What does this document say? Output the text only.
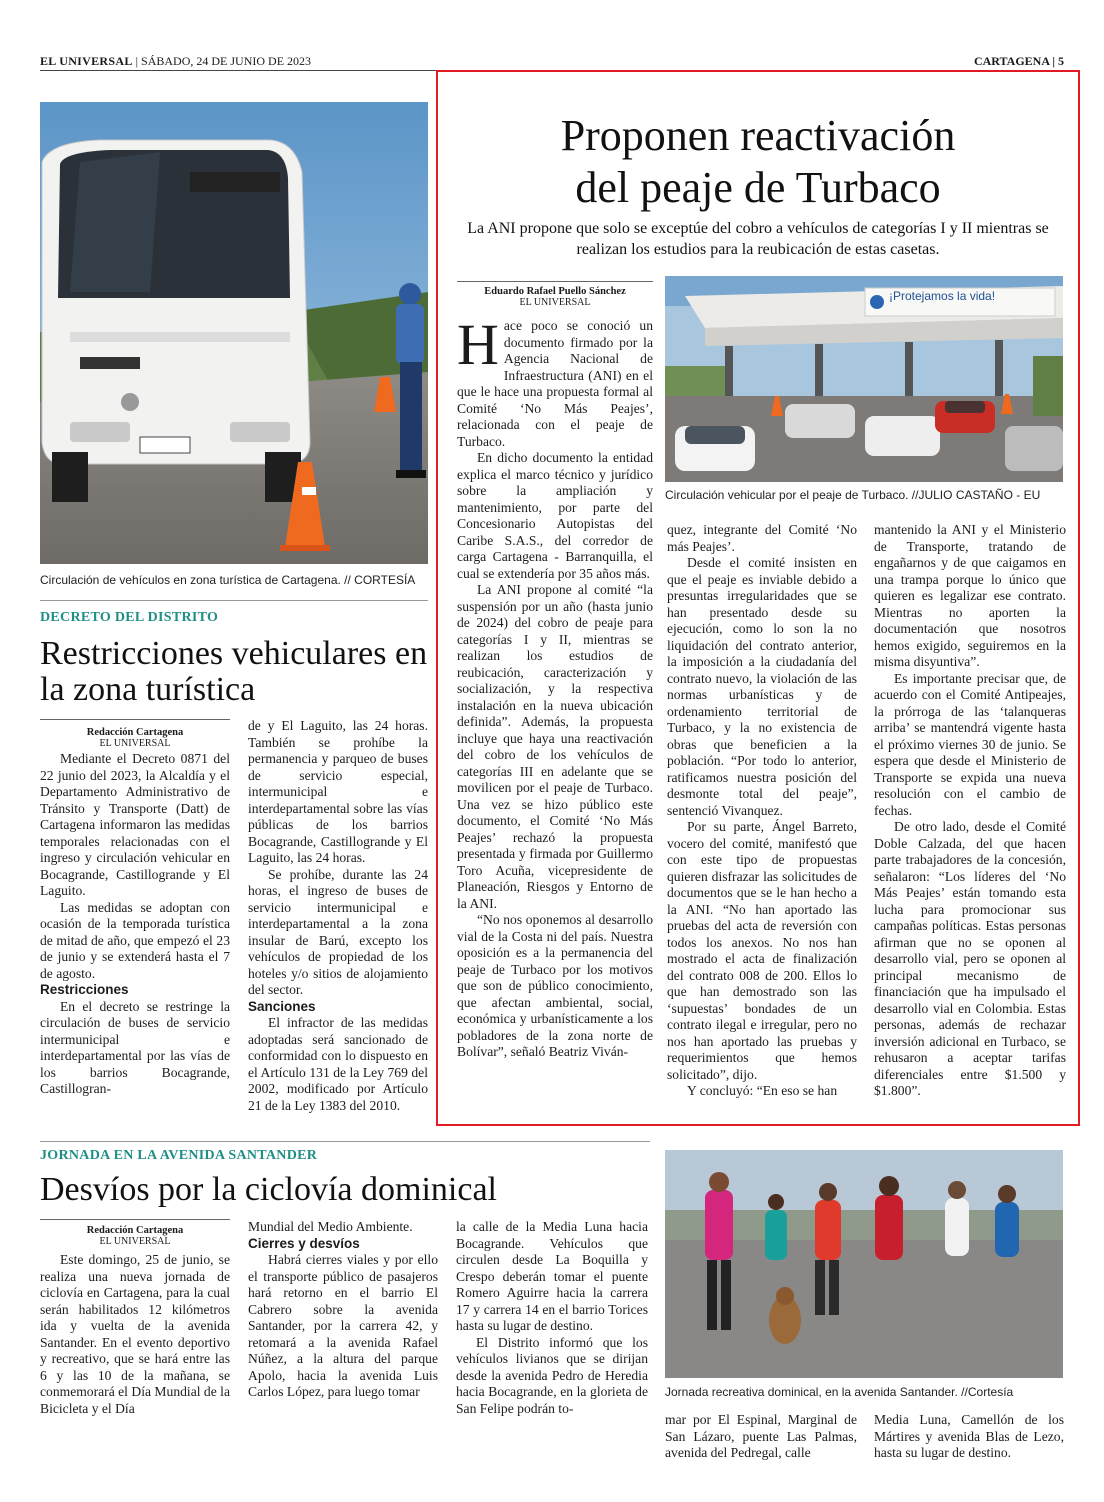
EL UNIVERSAL | SÁBADO, 24 DE JUNIO DE 2023	CARTAGENA | 5
Circulación de vehículos en zona turística de Cartagena. // CORTESÍA
DECRETO DEL DISTRITO
Restricciones vehiculares en la zona turística
Redacción Cartagena
EL UNIVERSAL

Mediante el Decreto 0871 del 22 junio del 2023, la Alcaldía y el Departamento Administrativo de Tránsito y Transporte (Datt) de Cartagena informaron las medidas temporales relacionadas con el ingreso y circulación vehicular en Bocagrande, Castillogrande y El Laguito.

Las medidas se adoptan con ocasión de la temporada turística de mitad de año, que empezó el 23 de junio y se extenderá hasta el 7 de agosto.

Restricciones

En el decreto se restringe la circulación de buses de servicio intermunicipal e interdepartamental por las vías de los barrios Bocagrande, Castillogran-

de y El Laguito, las 24 horas. También se prohíbe la permanencia y parqueo de buses de servicio especial, intermunicipal e interdepartamental sobre las vías públicas de los barrios Bocagrande, Castillogrande y El Laguito, las 24 horas.

Se prohíbe, durante las 24 horas, el ingreso de buses de servicio intermunicipal e interdepartamental a la zona insular de Barú, excepto los vehículos de propiedad de los hoteles y/o sitios de alojamiento del sector.

Sanciones

El infractor de las medidas adoptadas será sancionado de conformidad con lo dispuesto en el Artículo 131 de la Ley 769 del 2002, modificado por Artículo 21 de la Ley 1383 del 2010.

Proponen reactivación
del peaje de Turbaco
La ANI propone que solo se exceptúe del cobro a vehículos de categorías I y II mientras se realizan los estudios para la reubicación de estas casetas.
Eduardo Rafael Puello Sánchez
EL UNIVERSAL	¡Protejamos la vida!
Circulación vehicular por el peaje de Turbaco. //JULIO CASTAÑO - EU

Hace poco se conoció un documento firmado por la Agencia Nacional de Infraestructura (ANI) en el que le hace una propuesta formal al Comité ‘No Más Peajes’, relacionada con el peaje de Turbaco.

En dicho documento la entidad explica el marco técnico y jurídico sobre la ampliación y mantenimiento, por parte del Concesionario Autopistas del Caribe S.A.S., del corredor de carga Cartagena - Barranquilla, el cual se extendería por 35 años más.

La ANI propone al comité “la suspensión por un año (hasta junio de 2024) del cobro de peaje para categorías I y II, mientras se realizan los estudios de reubicación, caracterización y socialización, y la respectiva instalación en la nueva ubicación definida”. Además, la propuesta incluye que haya una reactivación del cobro de los vehículos de categorías III en adelante que se movilicen por el peaje de Turbaco. Una vez se hizo público este documento, el Comité ‘No Más Peajes’ rechazó la propuesta presentada y firmada por Guillermo Toro Acuña, vicepresidente de Planeación, Riesgos y Entorno de la ANI.

“No nos oponemos al desarrollo vial de la Costa ni del país. Nuestra oposición es a la permanencia del peaje de Turbaco por los motivos que son de público conocimiento, que afectan ambiental, social, económica y urbanísticamente a los pobladores de la zona norte de Bolívar”, señaló Beatriz Viván-

quez, integrante del Comité ‘No más Peajes’.

Desde el comité insisten en que el peaje es inviable debido a presuntas irregularidades que se han presentado desde su ejecución, como lo son la no liquidación del contrato anterior, la imposición a la ciudadanía del contrato nuevo, la violación de las normas urbanísticas y de ordenamiento territorial de Turbaco, y la no existencia de obras que beneficien a la población. “Por todo lo anterior, ratificamos nuestra posición del desmonte total del peaje”, sentenció Vivanquez.

Por su parte, Ángel Barreto, vocero del comité, manifestó que con este tipo de propuestas quieren disfrazar las solicitudes de documentos que se le han hecho a la ANI. “No han aportado las pruebas del acta de reversión con todos los anexos. No nos han mostrado el acta de finalización del contrato 008 de 200. Ellos lo que han demostrado son las ‘supuestas’ bondades de un contrato ilegal e irregular, pero no nos han aportado las pruebas y requerimientos que hemos solicitado”, dijo.

Y concluyó: “En eso se han

mantenido la ANI y el Ministerio de Transporte, tratando de engañarnos y de que caigamos en una trampa porque lo único que quieren es legalizar ese contrato. Mientras no aporten la documentación que nosotros hemos exigido, seguiremos en la misma disyuntiva”.

Es importante precisar que, de acuerdo con el Comité Antipeajes, la prórroga de las ‘talanqueras arriba’ se mantendrá vigente hasta el próximo viernes 30 de junio. Se espera que desde el Ministerio de Transporte se expida una nueva resolución con el cambio de fechas.

De otro lado, desde el Comité Doble Calzada, del que hacen parte trabajadores de la concesión, señalaron: “Los líderes del ‘No Más Peajes’ están tomando esta lucha para promocionar sus campañas políticas. Estas personas afirman que no se oponen al desarrollo vial, pero se oponen al principal mecanismo de financiación que ha impulsado el desarrollo vial en Colombia. Estas personas, además de rechazar inversión adicional en Turbaco, se rehusaron a aceptar tarifas diferenciales entre $1.500 y $1.800”.

JORNADA EN LA AVENIDA SANTANDER
Desvíos por la ciclovía dominical
Redacción Cartagena
EL UNIVERSAL

Este domingo, 25 de junio, se realiza una nueva jornada de ciclovía en Cartagena, para la cual serán habilitados 12 kilómetros ida y vuelta de la avenida Santander. En el evento deportivo y recreativo, que se hará entre las 6 y las 10 de la mañana, se conmemorará el Día Mundial de la Bicicleta y el Día

Mundial del Medio Ambiente.

Cierres y desvíos

Habrá cierres viales y por ello el transporte público de pasajeros hará retorno en el barrio El Cabrero sobre la avenida Santander, por la carrera 42, y retomará a la avenida Rafael Núñez, a la altura del parque Apolo, hacia la avenida Luis Carlos López, para luego tomar

la calle de la Media Luna hacia Bocagrande. Vehículos que circulen desde La Boquilla y Crespo deberán tomar el puente Romero Aguirre hacia la carrera 17 y carrera 14 en el barrio Torices hasta su lugar de destino.

El Distrito informó que los vehículos livianos que se dirijan desde la avenida Pedro de Heredia hacia Bocagrande, en la glorieta de San Felipe podrán to-

Jornada recreativa dominical, en la avenida Santander. //Cortesía

mar por El Espinal, Marginal de San Lázaro, puente Las Palmas, avenida del Pedregal, calle

Media Luna, Camellón de los Mártires y avenida Blas de Lezo, hasta su lugar de destino.
